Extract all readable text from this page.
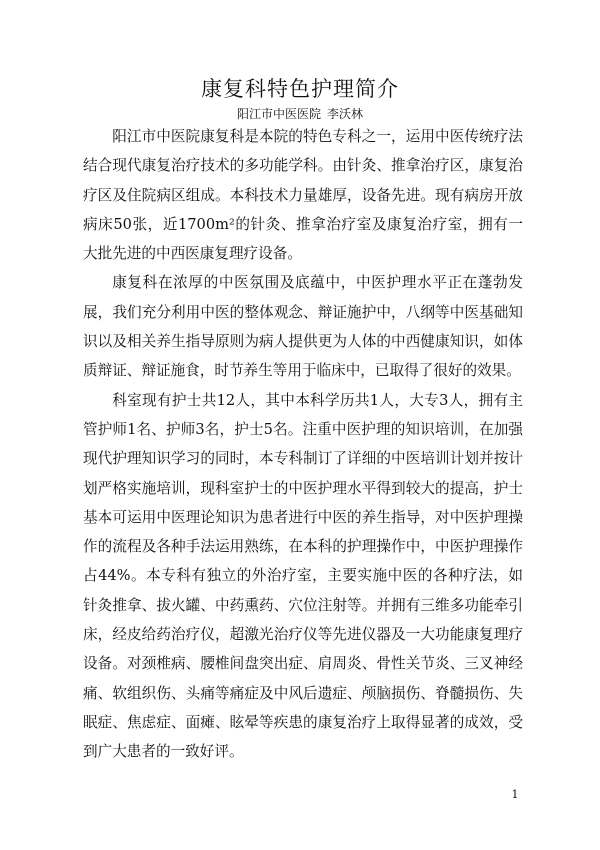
康复科特色护理简介
阳江市中医医院 李沃林

阳江市中医院康复科是本院的特色专科之一，运用中医传统疗法结合现代康复治疗技术的多功能学科。由针灸、推拿治疗区，康复治疗区及住院病区组成。本科技术力量雄厚，设备先进。现有病房开放病床50张，近1700m²的针灸、推拿治疗室及康复治疗室，拥有一大批先进的中西医康复理疗设备。

康复科在浓厚的中医氛围及底蕴中，中医护理水平正在蓬勃发展，我们充分利用中医的整体观念、辩证施护中，八纲等中医基础知识以及相关养生指导原则为病人提供更为人体的中西健康知识，如体质辩证、辩证施食，时节养生等用于临床中，已取得了很好的效果。

科室现有护士共12人，其中本科学历共1人，大专3人，拥有主管护师1名、护师3名，护士5名。注重中医护理的知识培训，在加强现代护理知识学习的同时，本专科制订了详细的中医培训计划并按计划严格实施培训，现科室护士的中医护理水平得到较大的提高，护士基本可运用中医理论知识为患者进行中医的养生指导，对中医护理操作的流程及各种手法运用熟练，在本科的护理操作中，中医护理操作占44%。本专科有独立的外治疗室，主要实施中医的各种疗法，如针灸推拿、拔火罐、中药熏药、穴位注射等。并拥有三维多功能牵引床，经皮给药治疗仪，超激光治疗仪等先进仪器及一大功能康复理疗设备。对颈椎病、腰椎间盘突出症、肩周炎、骨性关节炎、三叉神经痛、软组织伤、头痛等痛症及中风后遗症、颅脑损伤、脊髓损伤、失眠症、焦虑症、面瘫、眩晕等疾患的康复治疗上取得显著的成效，受到广大患者的一致好评。

1
